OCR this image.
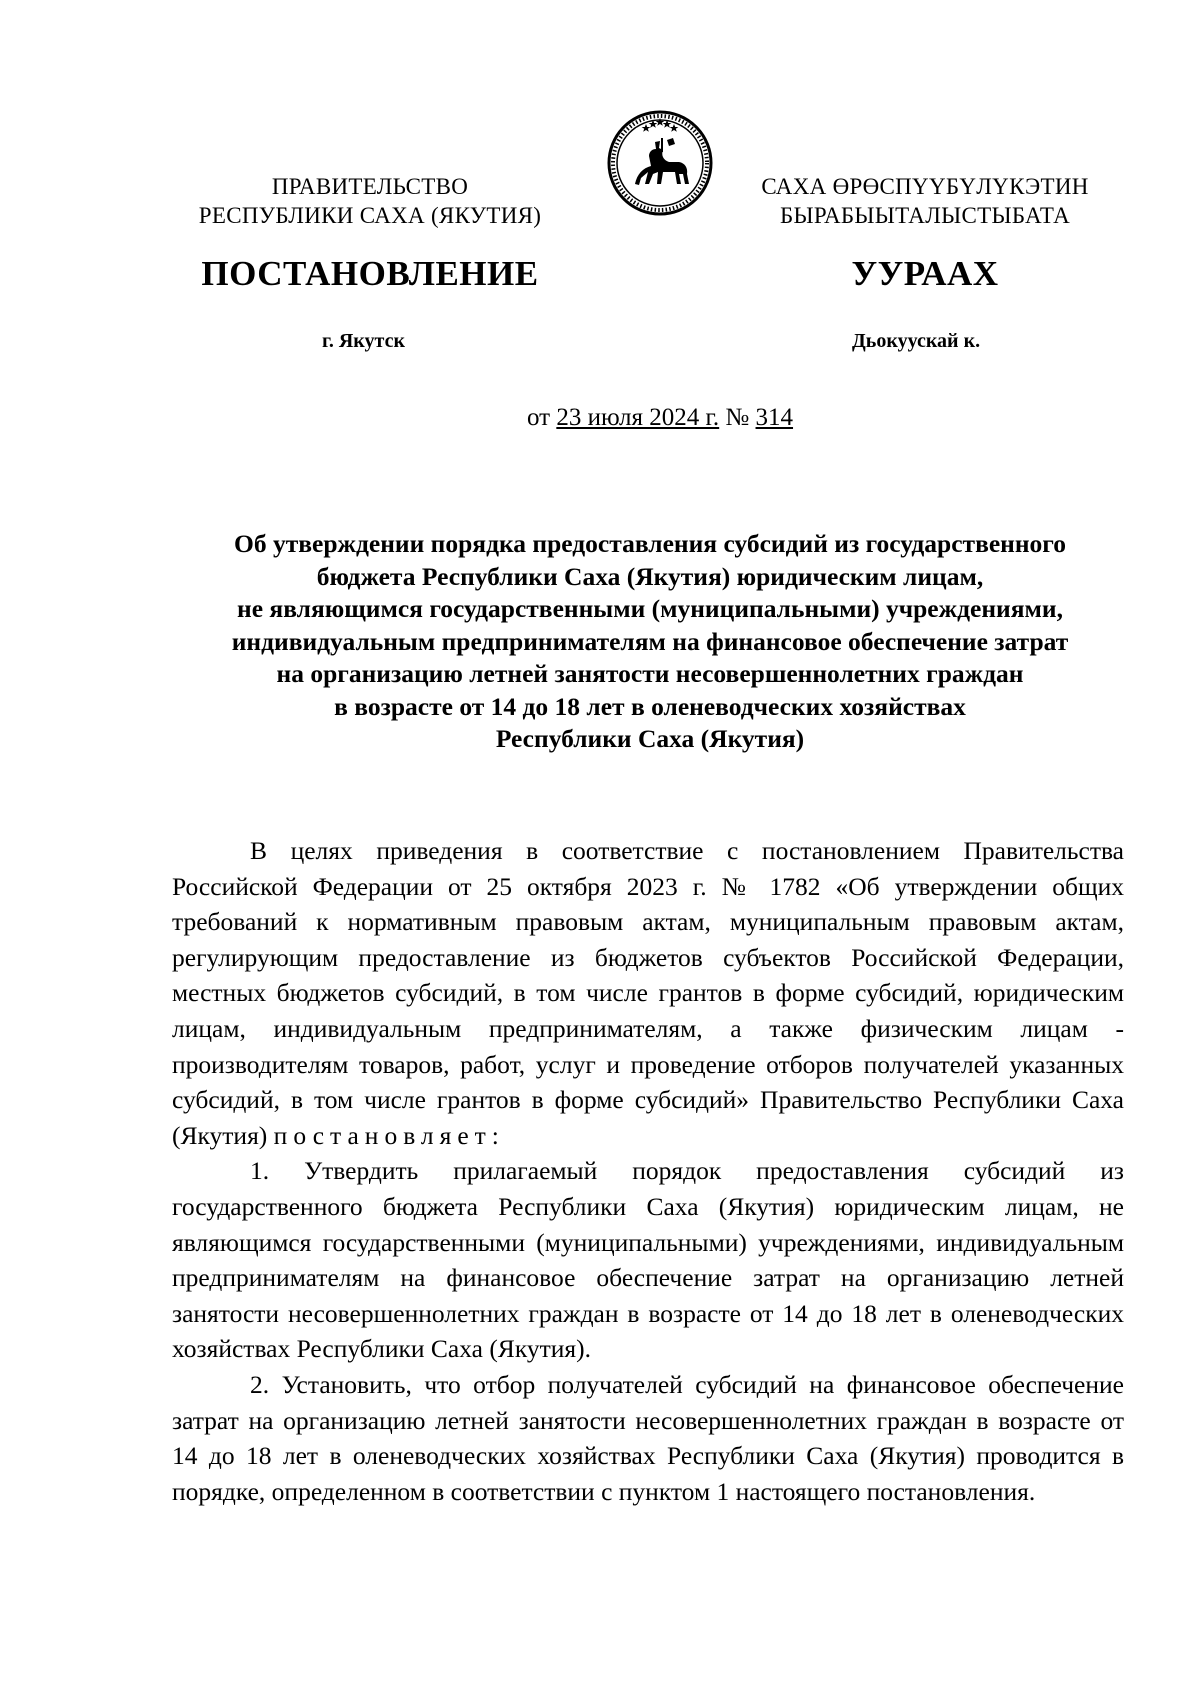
ПРАВИТЕЛЬСТВО
РЕСПУБЛИКИ САХА (ЯКУТИЯ)
САХА ӨРӨСПҮҮБҮЛҮКЭТИН
БЫРАБЫЫТАЛЫСТЫБАТА
ПОСТАНОВЛЕНИЕ	УУРААХ
г. Якутск	Дьокуускай к.
от 23 июля 2024 г. № 314
Об утверждении порядка предоставления субсидий из государственного
бюджета Республики Саха (Якутия) юридическим лицам,
не являющимся государственными (муниципальными) учреждениями,
индивидуальным предпринимателям на финансовое обеспечение затрат
на организацию летней занятости несовершеннолетних граждан
в возрасте от 14 до 18 лет в оленеводческих хозяйствах
Республики Саха (Якутия)

В целях приведения в соответствие с постановлением Правительства Российской Федерации от 25 октября 2023 г. № 1782 «Об утверждении общих требований к нормативным правовым актам, муниципальным правовым актам, регулирующим предоставление из бюджетов субъектов Российской Федерации, местных бюджетов субсидий, в том числе грантов в форме субсидий, юридическим лицам, индивидуальным предпринимателям, а также физическим лицам - производителям товаров, работ, услуг и проведение отборов получателей указанных субсидий, в том числе грантов в форме субсидий» Правительство Республики Саха (Якутия) постановляет:

1. Утвердить прилагаемый порядок предоставления субсидий из государственного бюджета Республики Саха (Якутия) юридическим лицам, не являющимся государственными (муниципальными) учреждениями, индивидуальным предпринимателям на финансовое обеспечение затрат на организацию летней занятости несовершеннолетних граждан в возрасте от 14 до 18 лет в оленеводческих хозяйствах Республики Саха (Якутия).

2. Установить, что отбор получателей субсидий на финансовое обеспечение затрат на организацию летней занятости несовершеннолетних граждан в возрасте от 14 до 18 лет в оленеводческих хозяйствах Республики Саха (Якутия) проводится в порядке, определенном в соответствии с пунктом 1 настоящего постановления.
